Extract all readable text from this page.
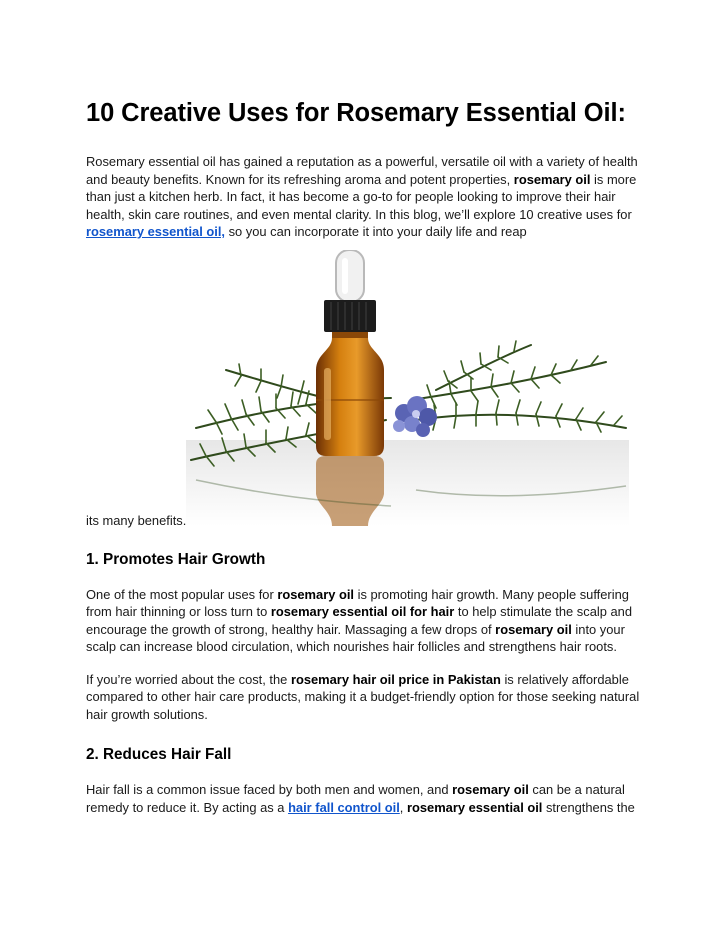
10 Creative Uses for Rosemary Essential Oil:

Rosemary essential oil has gained a reputation as a powerful, versatile oil with a variety of health and beauty benefits. Known for its refreshing aroma and potent properties, rosemary oil is more than just a kitchen herb. In fact, it has become a go-to for people looking to improve their hair health, skin care routines, and even mental clarity. In this blog, we’ll explore 10 creative uses for rosemary essential oil, so you can incorporate it into your daily life and reap

its many benefits.
1. Promotes Hair Growth

One of the most popular uses for rosemary oil is promoting hair growth. Many people suffering from hair thinning or loss turn to rosemary essential oil for hair to help stimulate the scalp and encourage the growth of strong, healthy hair. Massaging a few drops of rosemary oil into your scalp can increase blood circulation, which nourishes hair follicles and strengthens hair roots.

If you’re worried about the cost, the rosemary hair oil price in Pakistan is relatively affordable compared to other hair care products, making it a budget-friendly option for those seeking natural hair growth solutions.

2. Reduces Hair Fall

Hair fall is a common issue faced by both men and women, and rosemary oil can be a natural remedy to reduce it. By acting as a hair fall control oil, rosemary essential oil strengthens the
